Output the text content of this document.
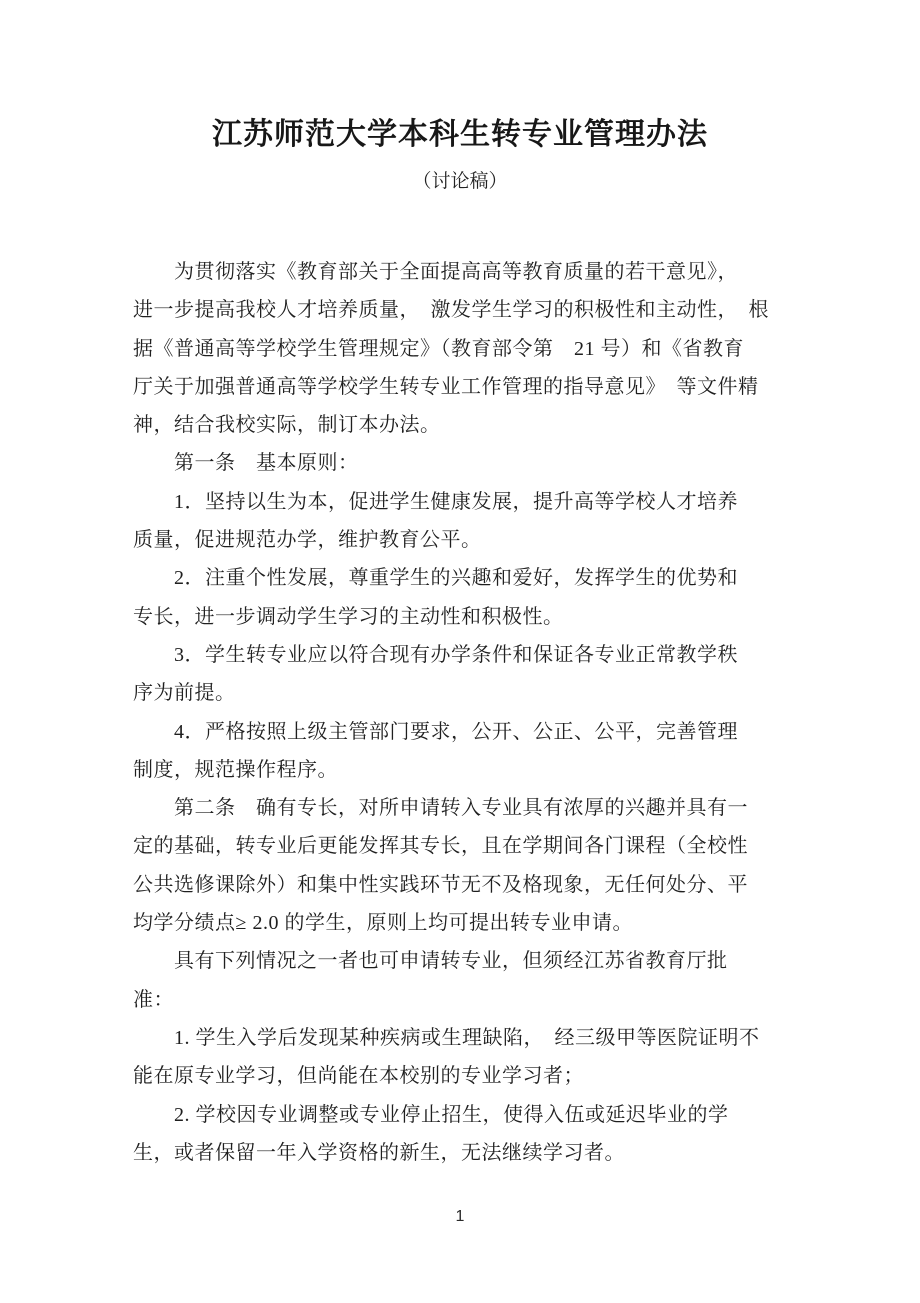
江苏师范大学本科生转专业管理办法
（讨论稿）
　　为贯彻落实《教育部关于全面提高高等教育质量的若干意见》，
进一步提高我校人才培养质量，　激发学生学习的积极性和主动性，　根
据《普通高等学校学生管理规定》（教育部令第　21 号）和《省教育
厅关于加强普通高等学校学生转专业工作管理的指导意见》　等文件精
神，结合我校实际，制订本办法。
　　第一条　基本原则：
　　1．坚持以生为本，促进学生健康发展，提升高等学校人才培养
质量，促进规范办学，维护教育公平。
　　2．注重个性发展，尊重学生的兴趣和爱好，发挥学生的优势和
专长，进一步调动学生学习的主动性和积极性。
　　3．学生转专业应以符合现有办学条件和保证各专业正常教学秩
序为前提。
　　4．严格按照上级主管部门要求，公开、公正、公平，完善管理
制度，规范操作程序。
　　第二条　确有专长，对所申请转入专业具有浓厚的兴趣并具有一
定的基础，转专业后更能发挥其专长，且在学期间各门课程（全校性
公共选修课除外）和集中性实践环节无不及格现象，无任何处分、平
均学分绩点≥ 2.0 的学生，原则上均可提出转专业申请。
　　具有下列情况之一者也可申请转专业，但须经江苏省教育厅批
准：
　　1. 学生入学后发现某种疾病或生理缺陷，　经三级甲等医院证明不
能在原专业学习，但尚能在本校别的专业学习者；
　　2. 学校因专业调整或专业停止招生，使得入伍或延迟毕业的学
生，或者保留一年入学资格的新生，无法继续学习者。
1
